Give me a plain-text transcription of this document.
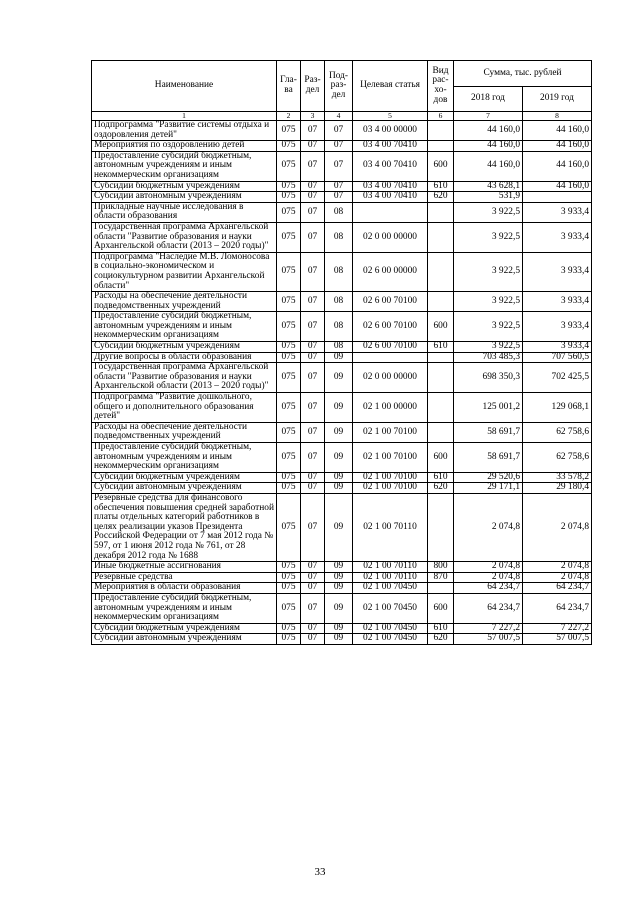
Наименование	Гла-ва	Раз-дел	Под-раз-дел	Целевая статья	Вид рас-хо-дов	Сумма, тыс. рублей	
						2018 год	2019 год
1	2	3	4	5	6	7	8
Подпрограмма "Развитие системы отдыха и оздоровления детей"	075	07	07	03 4 00 00000		44 160,0	44 160,0
Мероприятия по оздоровлению детей	075	07	07	03 4 00 70410		44 160,0	44 160,0
Предоставление субсидий бюджетным, автономным учреждениям и иным некоммерческим организациям	075	07	07	03 4 00 70410	600	44 160,0	44 160,0
Субсидии бюджетным учреждениям	075	07	07	03 4 00 70410	610	43 628,1	44 160,0
Субсидии автономным учреждениям	075	07	07	03 4 00 70410	620	531,9	
Прикладные научные исследования в области образования	075	07	08			3 922,5	3 933,4
Государственная программа Архангельской области "Развитие образования и науки Архангельской области (2013 – 2020 годы)"	075	07	08	02 0 00 00000		3 922,5	3 933,4
Подпрограмма "Наследие М.В. Ломоносова в социально-экономическом и социокультурном развитии Архангельской области"	075	07	08	02 6 00 00000		3 922,5	3 933,4
Расходы на обеспечение деятельности подведомственных учреждений	075	07	08	02 6 00 70100		3 922,5	3 933,4
Предоставление субсидий бюджетным, автономным учреждениям и иным некоммерческим организациям	075	07	08	02 6 00 70100	600	3 922,5	3 933,4
Субсидии бюджетным учреждениям	075	07	08	02 6 00 70100	610	3 922,5	3 933,4
Другие вопросы в области образования	075	07	09			703 485,3	707 560,5
Государственная программа Архангельской области "Развитие образования и науки Архангельской области (2013 – 2020 годы)"	075	07	09	02 0 00 00000		698 350,3	702 425,5
Подпрограмма "Развитие дошкольного, общего и дополнительного образования детей"	075	07	09	02 1 00 00000		125 001,2	129 068,1
Расходы на обеспечение деятельности подведомственных учреждений	075	07	09	02 1 00 70100		58 691,7	62 758,6
Предоставление субсидий бюджетным, автономным учреждениям и иным некоммерческим организациям	075	07	09	02 1 00 70100	600	58 691,7	62 758,6
Субсидии бюджетным учреждениям	075	07	09	02 1 00 70100	610	29 520,6	33 578,2
Субсидии автономным учреждениям	075	07	09	02 1 00 70100	620	29 171,1	29 180,4
Резервные средства для финансового обеспечения повышения средней заработной платы отдельных категорий работников в целях реализации указов Президента Российской Федерации от 7 мая 2012 года № 597, от 1 июня 2012 года № 761, от 28 декабря 2012 года № 1688	075	07	09	02 1 00 70110		2 074,8	2 074,8
Иные бюджетные ассигнования	075	07	09	02 1 00 70110	800	2 074,8	2 074,8
Резервные средства	075	07	09	02 1 00 70110	870	2 074,8	2 074,8
Мероприятия в области образования	075	07	09	02 1 00 70450		64 234,7	64 234,7
Предоставление субсидий бюджетным, автономным учреждениям и иным некоммерческим организациям	075	07	09	02 1 00 70450	600	64 234,7	64 234,7
Субсидии бюджетным учреждениям	075	07	09	02 1 00 70450	610	7 227,2	7 227,2
Субсидии автономным учреждениям	075	07	09	02 1 00 70450	620	57 007,5	57 007,5
33
